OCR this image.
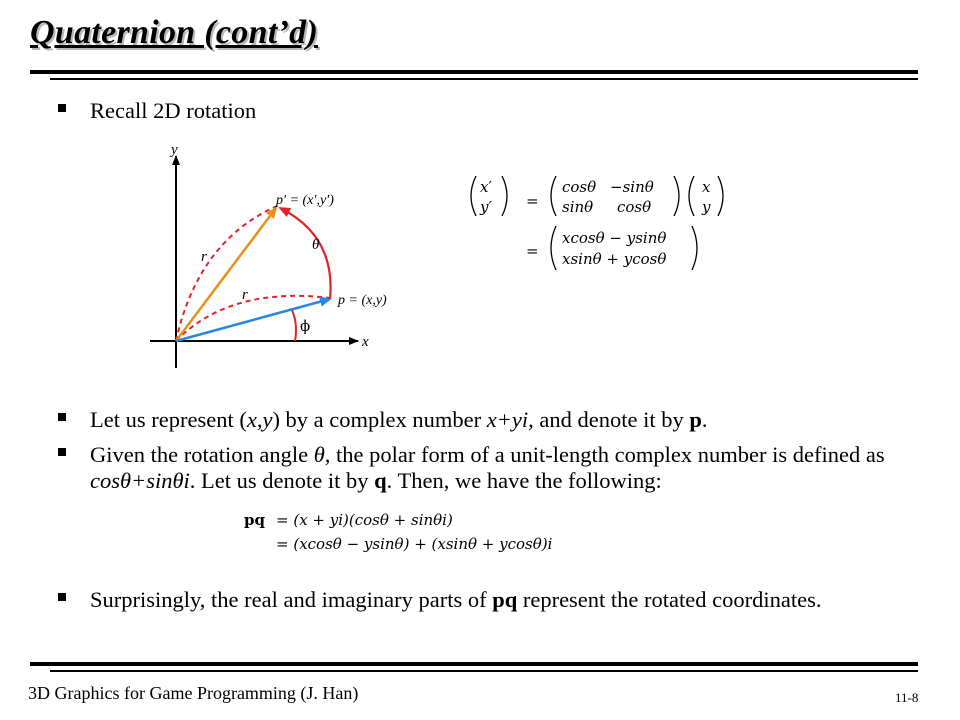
Quaternion (cont’d)
Recall 2D rotation
x
y
p′ = (x′,y′)
p = (x,y)
r
r
θ
ϕ
x′
y′ =
cosθ −sinθ
sinθ cosθ
x
y
=
xcosθ − ysinθ
xsinθ + ycosθ
Let us represent (x,y) by a complex number x+yi, and denote it by p.
Given the rotation angle θ, the polar form of a unit-length complex number is defined as cosθ+sinθi. Let us denote it by q. Then, we have the following:
pq = (x + yi)(cosθ + sinθi)
= (xcosθ − ysinθ) + (xsinθ + ycosθ)i
Surprisingly, the real and imaginary parts of pq represent the rotated coordinates.
3D Graphics for Game Programming (J. Han)	11-8
